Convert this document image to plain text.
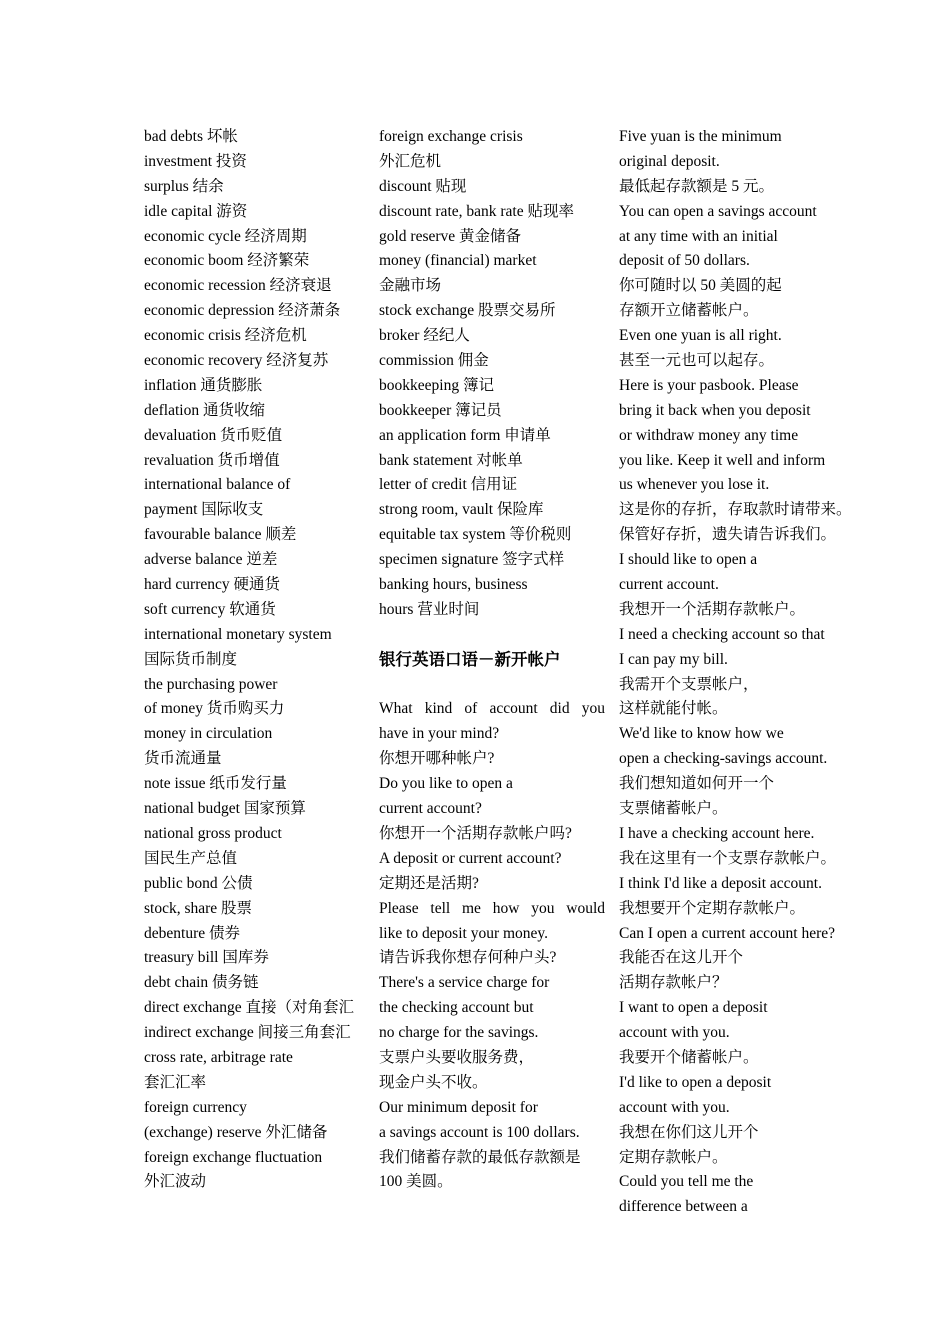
bad debts 坏帐
investment 投资
surplus 结余
idle capital 游资
economic cycle 经济周期
economic boom 经济繁荣
economic recession 经济衰退
economic depression 经济萧条
economic crisis 经济危机
economic recovery 经济复苏
inflation 通货膨胀
deflation 通货收缩
devaluation 货币贬值
revaluation 货币增值
international balance of
payment 国际收支
favourable balance 顺差
adverse balance 逆差
hard currency 硬通货
soft currency 软通货
international monetary system
国际货币制度
the purchasing power
of money 货币购买力
money in circulation
货币流通量
note issue 纸币发行量
national budget 国家预算
national gross product
国民生产总值
public bond 公债
stock, share 股票
debenture 债券
treasury bill 国库券
debt chain 债务链
direct exchange 直接（对角套汇
indirect exchange 间接三角套汇
cross rate, arbitrage rate
套汇汇率
foreign currency
(exchange) reserve 外汇储备
foreign exchange fluctuation
外汇波动
foreign exchange crisis
外汇危机
discount 贴现
discount rate, bank rate 贴现率
gold reserve 黄金储备
money (financial) market
金融市场
stock exchange 股票交易所
broker 经纪人
commission 佣金
bookkeeping 簿记
bookkeeper 簿记员
an application form 申请单
bank statement 对帐单
letter of credit 信用证
strong room, vault 保险库
equitable tax system 等价税则
specimen signature 签字式样
banking hours, business
hours 营业时间
银行英语口语－新开帐户
What kind of account did you
have in your mind?
你想开哪种帐户?
Do you like to open a
current account?
你想开一个活期存款帐户吗?
A deposit or current account?
定期还是活期?
Please tell me how you would
like to deposit your money.
请告诉我你想存何种户头?
There's a service charge for
the checking account but
no charge for the savings.
支票户头要收服务费，
现金户头不收。
Our minimum deposit for
a savings account is 100 dollars.
我们储蓄存款的最低存款额是
100 美圆。
Five yuan is the minimum
original deposit.
最低起存款额是 5 元。
You can open a savings account
at any time with an initial
deposit of 50 dollars.
你可随时以 50 美圆的起
存额开立储蓄帐户。
Even one yuan is all right.
甚至一元也可以起存。
Here is your pasbook. Please
bring it back when you deposit
or withdraw money any time
you like. Keep it well and inform
us whenever you lose it.
这是你的存折，存取款时请带来。
保管好存折，遗失请告诉我们。
I should like to open a
current account.
我想开一个活期存款帐户。
I need a checking account so that
I can pay my bill.
我需开个支票帐户，
这样就能付帐。
We'd like to know how we
open a checking-savings account.
我们想知道如何开一个
支票储蓄帐户。
I have a checking account here.
我在这里有一个支票存款帐户。
I think I'd like a deposit account.
我想要开个定期存款帐户。
Can I open a current account here?
我能否在这儿开个
活期存款帐户？
I want to open a deposit
account with you.
我要开个储蓄帐户。
I'd like to open a deposit
account with you.
我想在你们这儿开个
定期存款帐户。
Could you tell me the
difference between a
